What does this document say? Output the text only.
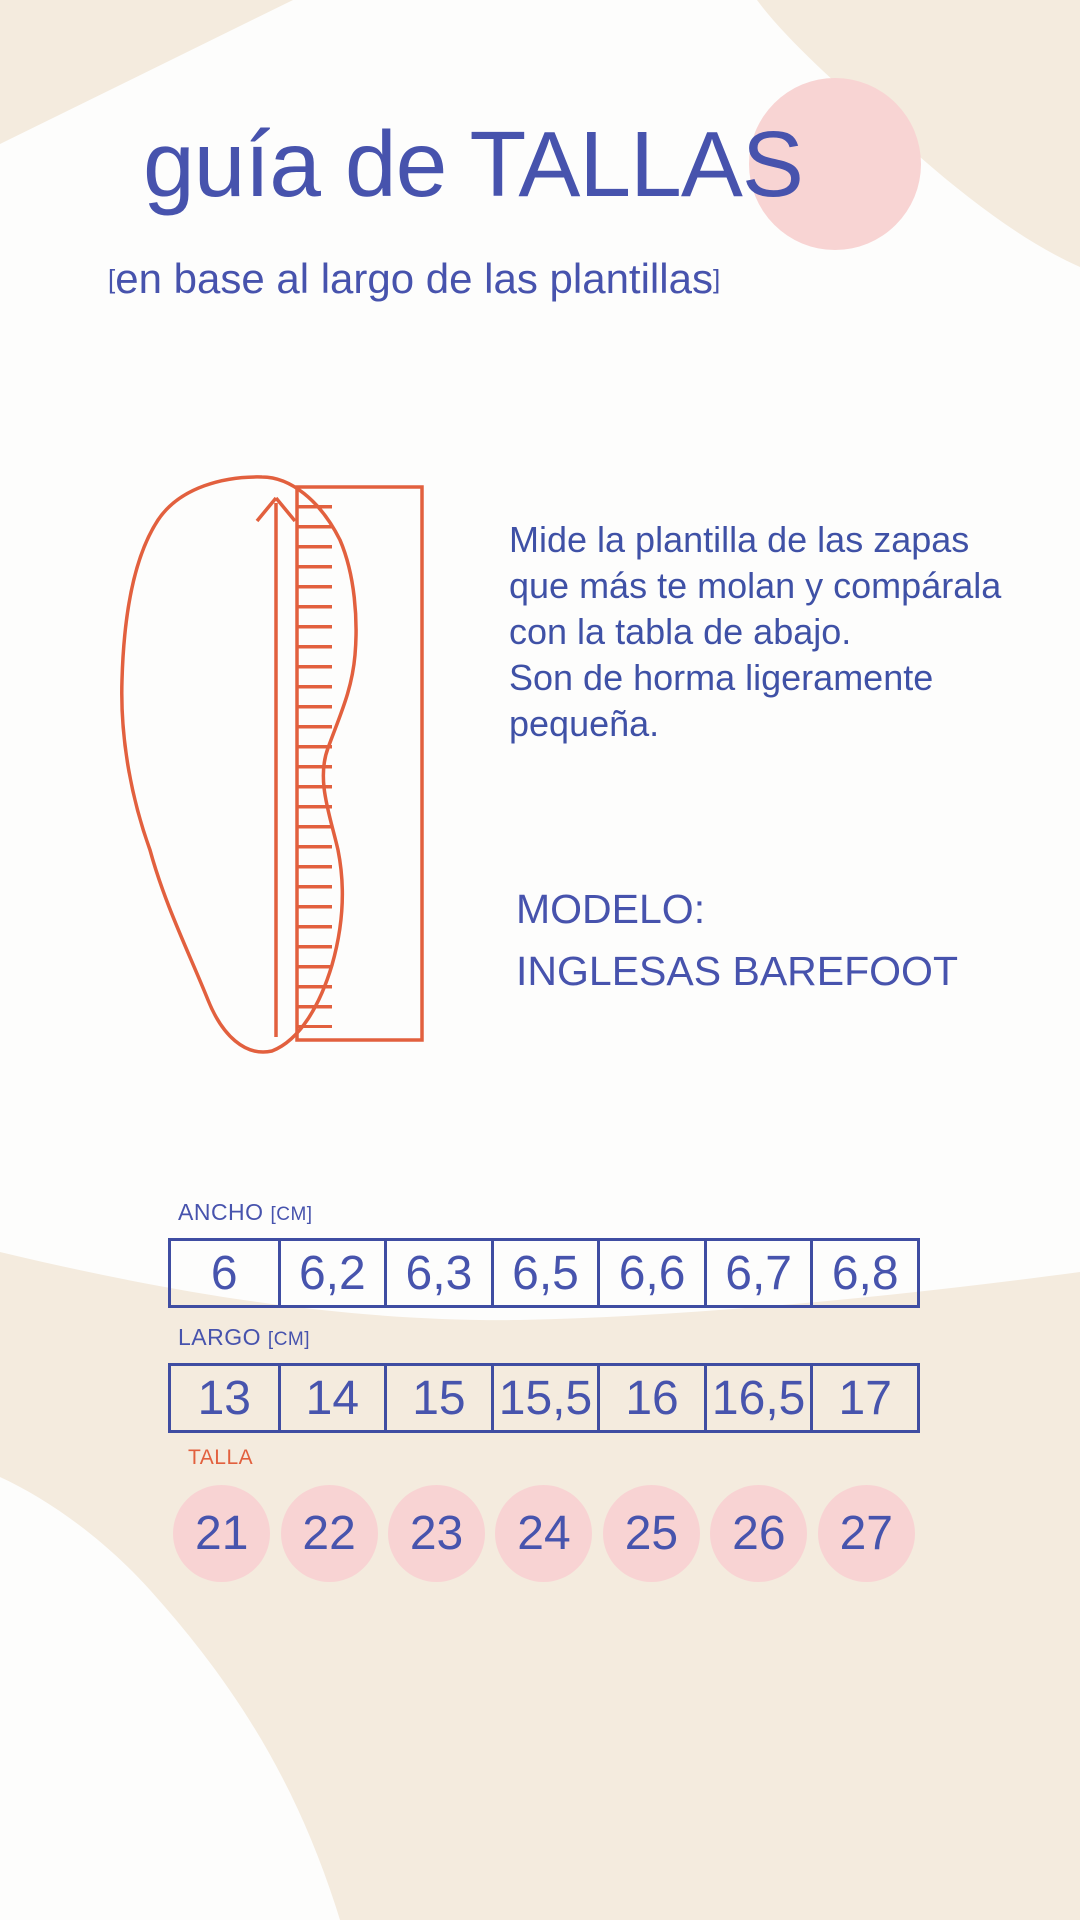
guía de TALLAS
[en base al largo de las plantillas]
Mide la plantilla de las zapas
que más te molan y compárala
con la tabla de abajo.
Son de horma ligeramente
pequeña.
MODELO:
INGLESAS BAREFOOT
ANCHO [CM]
6	6,2 6,3 6,5 6,6 6,7 6,8
LARGO [CM]
13	14	15 15,5 16 16,5 17
TALLA
21	22	23	24	25	26	27
